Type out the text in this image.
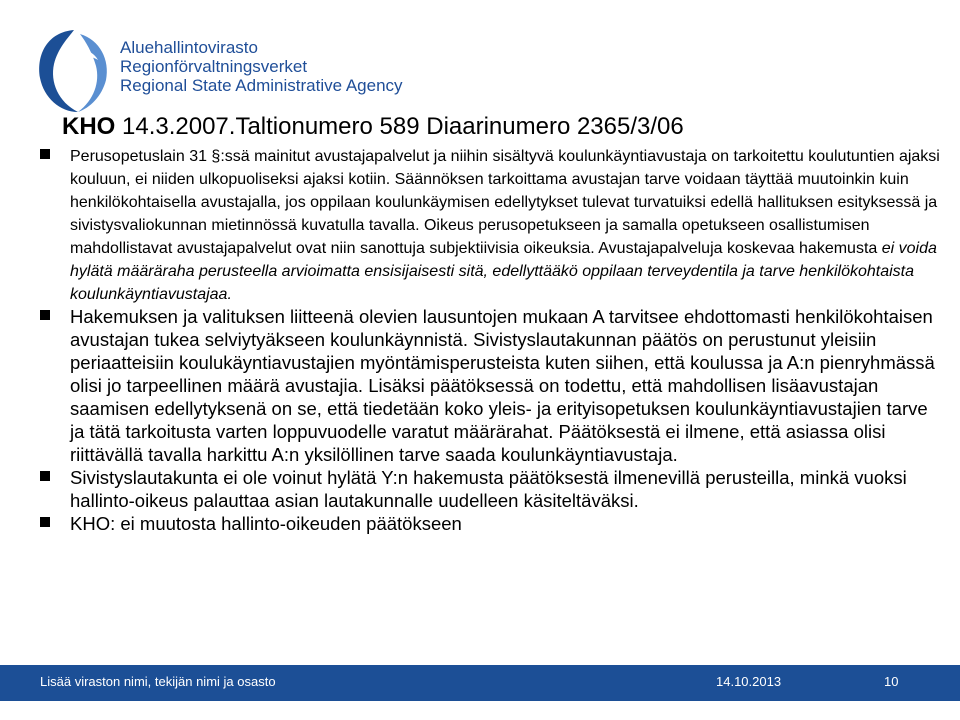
Aluehallintovirasto
Regionförvaltningsverket
Regional State Administrative Agency
KHO 14.3.2007.Taltionumero 589 Diaarinumero 2365/3/06
Perusopetuslain 31 §:ssä mainitut avustajapalvelut ja niihin sisältyvä koulunkäyntiavustaja on tarkoitettu koulutuntien ajaksi kouluun, ei niiden ulkopuoliseksi ajaksi kotiin. Säännöksen tarkoittama avustajan tarve voidaan täyttää muutoinkin kuin henkilökohtaisella avustajalla, jos oppilaan koulunkäymisen edellytykset tulevat turvatuiksi edellä hallituksen esityksessä ja sivistysvaliokunnan mietinnössä kuvatulla tavalla. Oikeus perusopetukseen ja samalla opetukseen osallistumisen mahdollistavat avustajapalvelut ovat niin sanottuja subjektiivisia oikeuksia. Avustajapalveluja koskevaa hakemusta ei voida hylätä määräraha perusteella arvioimatta ensisijaisesti sitä, edellyttääkö oppilaan terveydentila ja tarve henkilökohtaista koulunkäyntiavustajaa.
Hakemuksen ja valituksen liitteenä olevien lausuntojen mukaan A tarvitsee ehdottomasti henkilökohtaisen avustajan tukea selviytyäkseen koulunkäynnistä. Sivistyslautakunnan päätös on perustunut yleisiin periaatteisiin koulukäyntiavustajien myöntämisperusteista kuten siihen, että koulussa ja A:n pienryhmässä olisi jo tarpeellinen määrä avustajia. Lisäksi päätöksessä on todettu, että mahdollisen lisäavustajan saamisen edellytyksenä on se, että tiedetään koko yleis- ja erityisopetuksen koulunkäyntiavustajien tarve ja tätä tarkoitusta varten loppuvuodelle varatut määrärahat. Päätöksestä ei ilmene, että asiassa olisi riittävällä tavalla harkittu A:n yksilöllinen tarve saada koulunkäyntiavustaja.
Sivistyslautakunta ei ole voinut hylätä Y:n hakemusta päätöksestä ilmenevillä perusteilla, minkä vuoksi hallinto-oikeus palauttaa asian lautakunnalle uudelleen käsiteltäväksi.
KHO: ei muutosta hallinto-oikeuden päätökseen
Lisää viraston nimi, tekijän nimi ja osasto	14.10.2013	10
